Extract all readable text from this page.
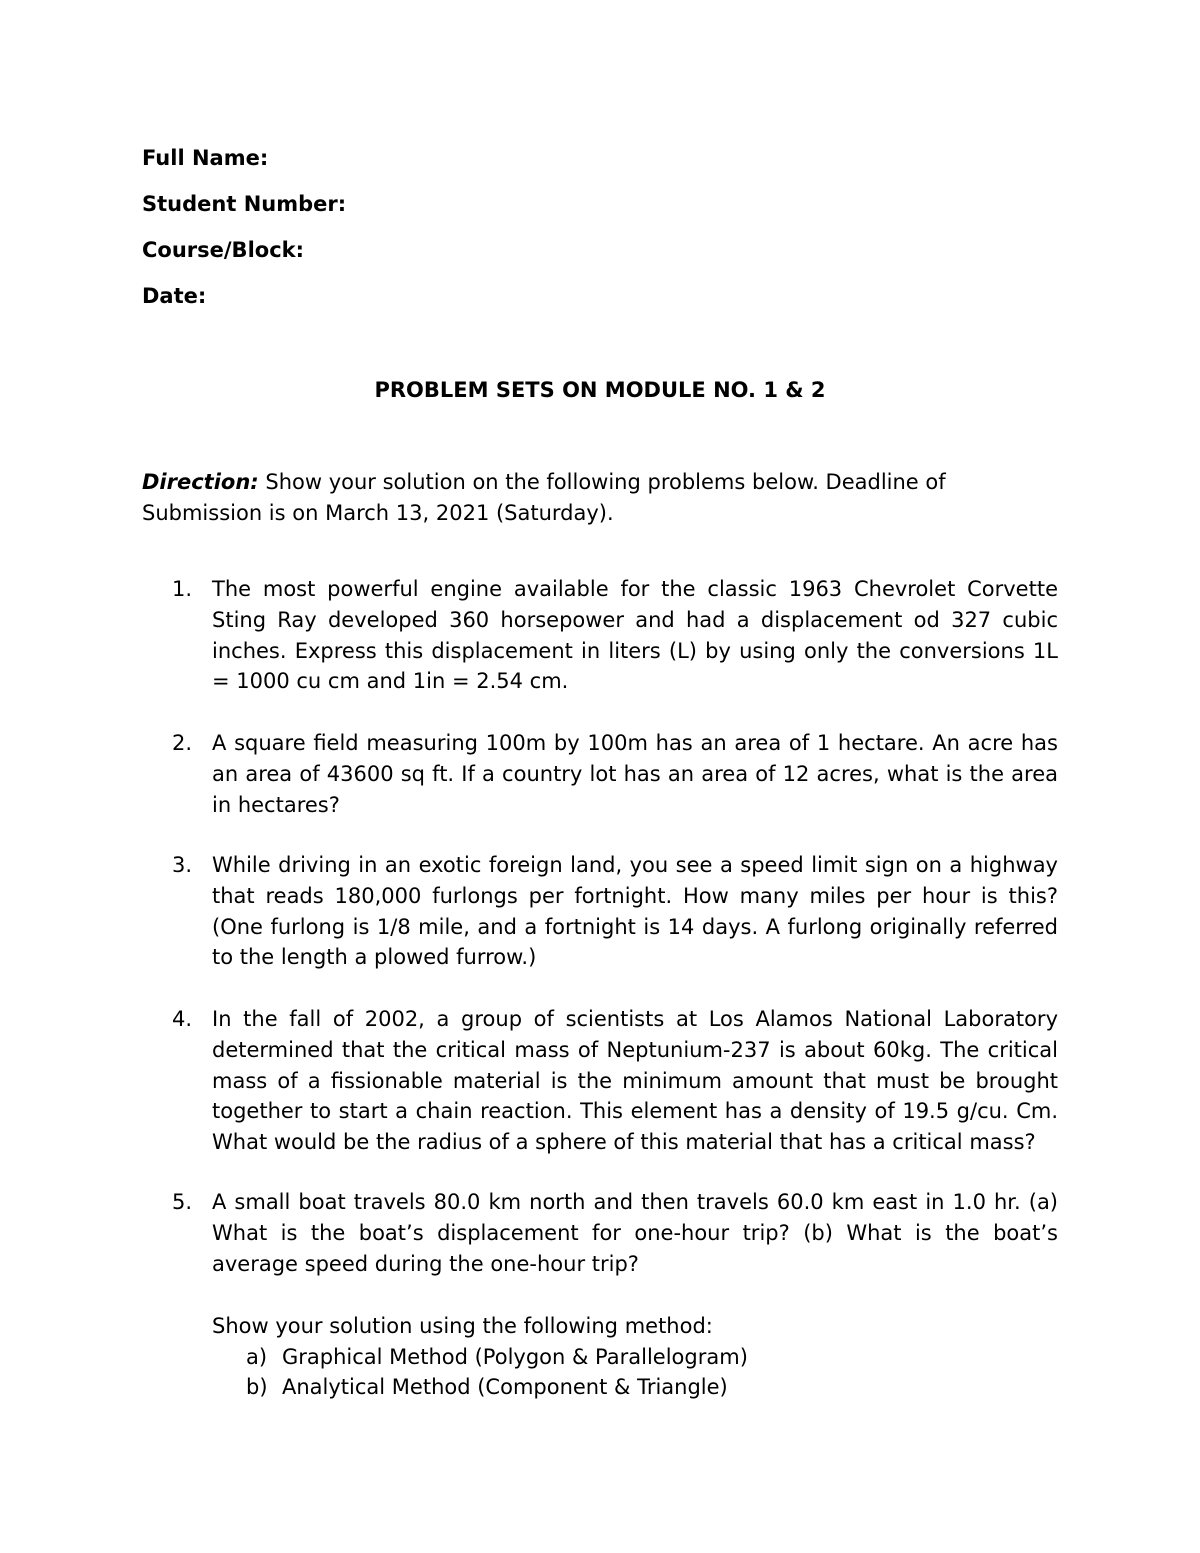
Full Name:
Student Number:
Course/Block:
Date:
PROBLEM SETS ON MODULE NO. 1 & 2
Direction: Show your solution on the following problems below. Deadline of Submission is on March 13, 2021 (Saturday).
1. The most powerful engine available for the classic 1963 Chevrolet Corvette Sting Ray developed 360 horsepower and had a displacement od 327 cubic inches. Express this displacement in liters (L) by using only the conversions 1L = 1000 cu cm and 1in = 2.54 cm.
2. A square field measuring 100m by 100m has an area of 1 hectare. An acre has an area of 43600 sq ft. If a country lot has an area of 12 acres, what is the area in hectares?
3. While driving in an exotic foreign land, you see a speed limit sign on a highway that reads 180,000 furlongs per fortnight. How many miles per hour is this? (One furlong is 1/8 mile, and a fortnight is 14 days. A furlong originally referred to the length a plowed furrow.)
4. In the fall of 2002, a group of scientists at Los Alamos National Laboratory determined that the critical mass of Neptunium-237 is about 60kg. The critical mass of a fissionable material is the minimum amount that must be brought together to start a chain reaction. This element has a density of 19.5 g/cu. Cm. What would be the radius of a sphere of this material that has a critical mass?
5. A small boat travels 80.0 km north and then travels 60.0 km east in 1.0 hr. (a) What is the boat’s displacement for one-hour trip? (b) What is the boat’s average speed during the one-hour trip?
Show your solution using the following method:
a) Graphical Method (Polygon & Parallelogram)
b) Analytical Method (Component & Triangle)
